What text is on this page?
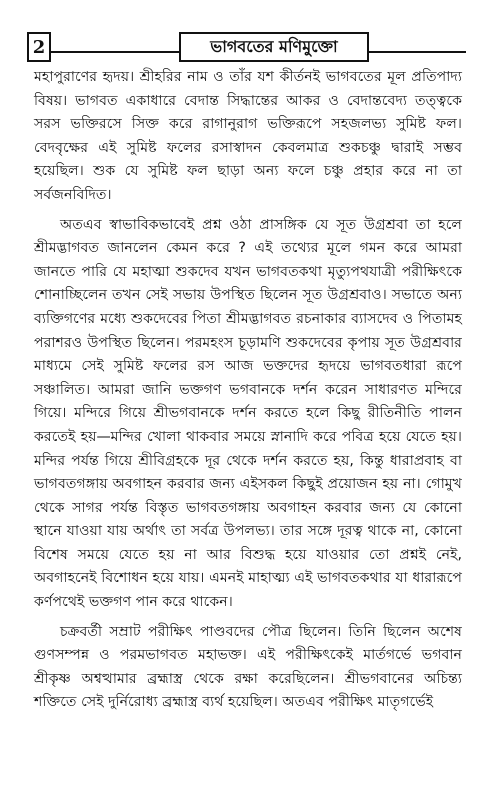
2	ভাগবতের মণিমুক্তো

মহাপুরাণের হৃদয়। শ্রীহরির নাম ও তাঁর যশ কীর্তনই ভাগবতের মূল প্রতিপাদ্য বিষয়। ভাগবত একাধারে বেদান্ত সিদ্ধান্তের আকর ও বেদান্তবেদ্য তত্ত্বকে সরস ভক্তিরসে সিক্ত করে রাগানুরাগ ভক্তিরূপে সহজলভ্য সুমিষ্ট ফল। বেদবৃক্ষের এই সুমিষ্ট ফলের রসাস্বাদন কেবলমাত্র শুকচঞ্চু দ্বারাই সম্ভব হয়েছিল। শুক যে সুমিষ্ট ফল ছাড়া অন্য ফলে চঞ্চু প্রহার করে না তা সর্বজনবিদিত।

অতএব স্বাভাবিকভাবেই প্রশ্ন ওঠা প্রাসঙ্গিক যে সূত উগ্রশ্রবা তা হলে শ্রীমদ্ভাগবত জানলেন কেমন করে ? এই তথ্যের মূলে গমন করে আমরা জানতে পারি যে মহাত্মা শুকদেব যখন ভাগবতকথা মৃত্যুপথযাত্রী পরীক্ষিৎকে শোনাচ্ছিলেন তখন সেই সভায় উপস্থিত ছিলেন সূত উগ্রশ্রবাও। সভাতে অন্য ব্যক্তিগণের মধ্যে শুকদেবের পিতা শ্রীমদ্ভাগবত রচনাকার ব্যাসদেব ও পিতামহ পরাশরও উপস্থিত ছিলেন। পরমহংস চূড়ামণি শুকদেবের কৃপায় সূত উগ্রশ্রবার মাধ্যমে সেই সুমিষ্ট ফলের রস আজ ভক্তদের হৃদয়ে ভাগবতধারা রূপে সঞ্চালিত। আমরা জানি ভক্তগণ ভগবানকে দর্শন করেন সাধারণত মন্দিরে গিয়ে। মন্দিরে গিয়ে শ্রীভগবানকে দর্শন করতে হলে কিছু রীতিনীতি পালন করতেই হয়—মন্দির খোলা থাকবার সময়ে স্নানাদি করে পবিত্র হয়ে যেতে হয়। মন্দির পর্যন্ত গিয়ে শ্রীবিগ্রহকে দূর থেকে দর্শন করতে হয়, কিন্তু ধারাপ্রবাহ বা ভাগবতগঙ্গায় অবগাহন করবার জন্য এইসকল কিছুই প্রয়োজন হয় না। গোমুখ থেকে সাগর পর্যন্ত বিস্তৃত ভাগবতগঙ্গায় অবগাহন করবার জন্য যে কোনো স্থানে যাওয়া যায় অর্থাৎ তা সর্বত্র উপলভ্য। তার সঙ্গে দূরত্ব থাকে না, কোনো বিশেষ সময়ে যেতে হয় না আর বিশুদ্ধ হয়ে যাওয়ার তো প্রশ্নই নেই, অবগাহনেই বিশোধন হয়ে যায়। এমনই মাহাত্ম্য এই ভাগবতকথার যা ধারারূপে কর্ণপথেই ভক্তগণ পান করে থাকেন।

চক্রবর্তী সম্রাট পরীক্ষিৎ পাণ্ডবদের পৌত্র ছিলেন। তিনি ছিলেন অশেষ গুণসম্পন্ন ও পরমভাগবত মহাভক্ত। এই পরীক্ষিৎকেই মার্তগর্ভে ভগবান শ্রীকৃষ্ণ অশ্বত্থামার ব্রহ্মাস্ত্র থেকে রক্ষা করেছিলেন। শ্রীভগবানের অচিন্ত্য শক্তিতে সেই দুর্নিরোধ্য ব্রহ্মাস্ত্র ব্যর্থ হয়েছিল। অতএব পরীক্ষিৎ মাতৃগর্ভেই
